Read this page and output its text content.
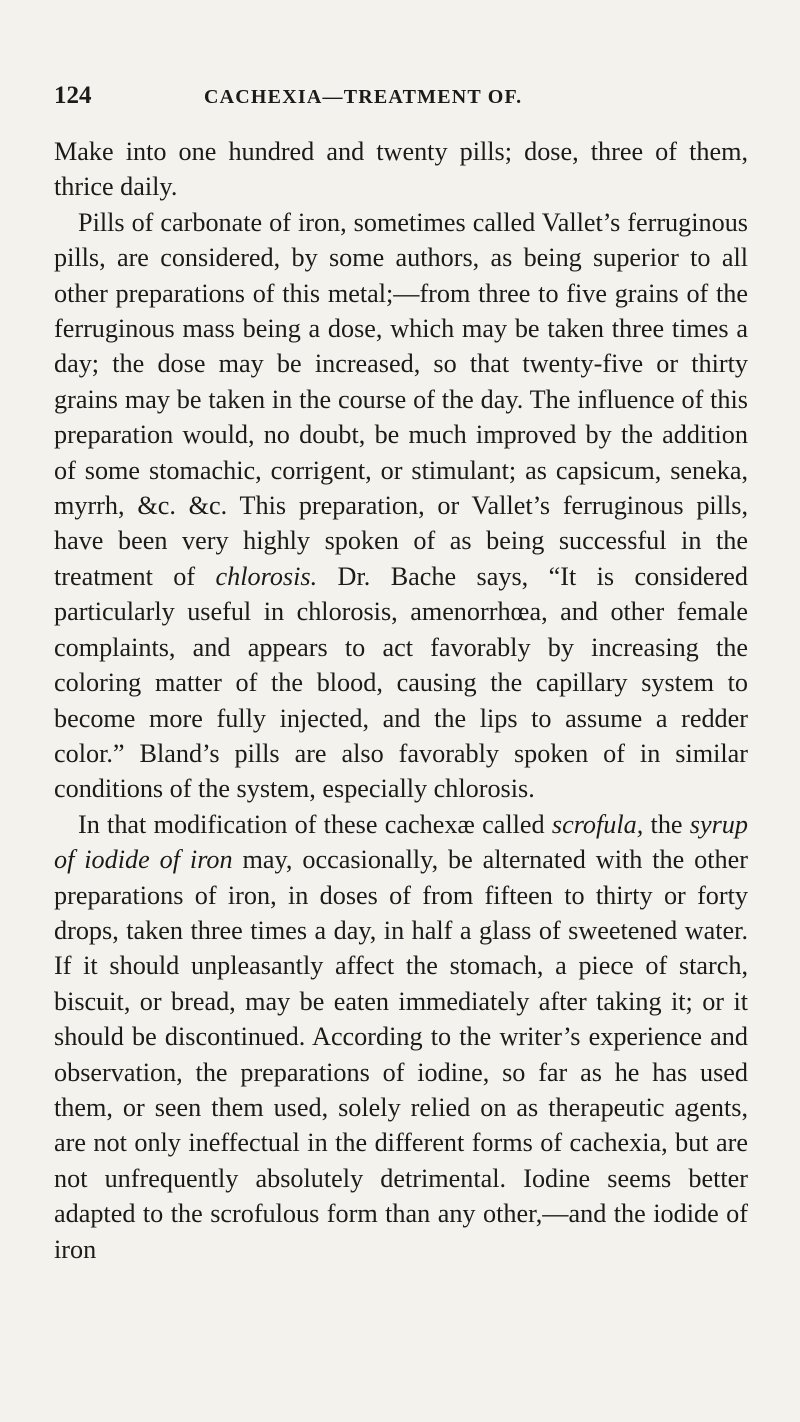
124	CACHEXIA—TREATMENT OF.

Make into one hundred and twenty pills; dose, three of them, thrice daily.

Pills of carbonate of iron, sometimes called Vallet’s ferruginous pills, are considered, by some authors, as being superior to all other preparations of this metal;—from three to five grains of the ferruginous mass being a dose, which may be taken three times a day; the dose may be increased, so that twenty-five or thirty grains may be taken in the course of the day. The influence of this preparation would, no doubt, be much improved by the addition of some stomachic, corrigent, or stimulant; as capsicum, seneka, myrrh, &c. &c. This preparation, or Vallet’s ferruginous pills, have been very highly spoken of as being successful in the treatment of chlorosis. Dr. Bache says, “It is considered particularly useful in chlorosis, amenorrhœa, and other female complaints, and appears to act favorably by increasing the coloring matter of the blood, causing the capillary system to become more fully injected, and the lips to assume a redder color.” Bland’s pills are also favorably spoken of in similar conditions of the system, especially chlorosis.

In that modification of these cachexæ called scrofula, the syrup of iodide of iron may, occasionally, be alternated with the other preparations of iron, in doses of from fifteen to thirty or forty drops, taken three times a day, in half a glass of sweetened water. If it should unpleasantly affect the stomach, a piece of starch, biscuit, or bread, may be eaten immediately after taking it; or it should be discontinued. According to the writer’s experience and observation, the preparations of iodine, so far as he has used them, or seen them used, solely relied on as therapeutic agents, are not only ineffectual in the different forms of cachexia, but are not unfrequently absolutely detrimental. Iodine seems better adapted to the scrofulous form than any other,—and the iodide of iron
